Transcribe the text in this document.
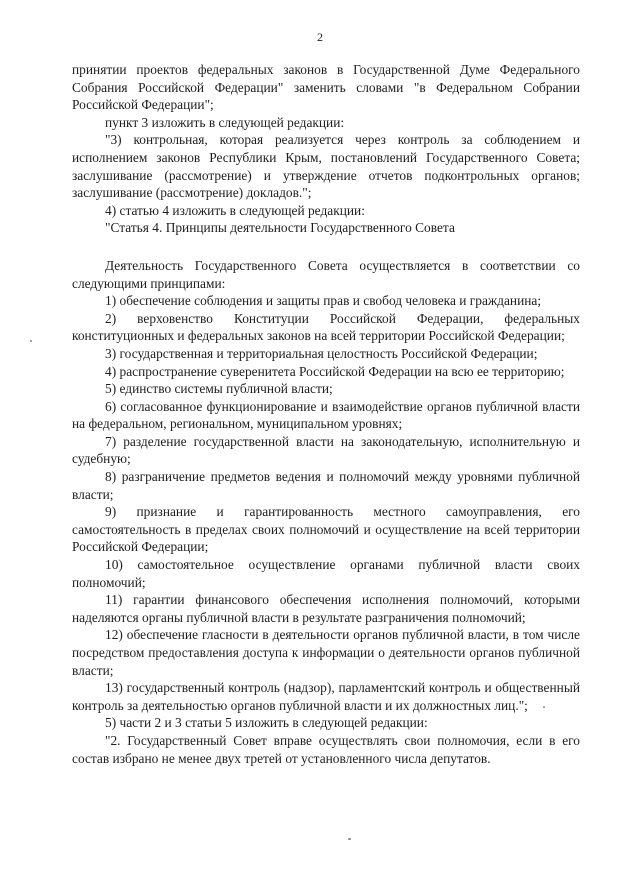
2

принятии проектов федеральных законов в Государственной Думе Федерального Собрания Российской Федерации" заменить словами "в Федеральном Собрании Российской Федерации";

пункт 3 изложить в следующей редакции:

"3) контрольная, которая реализуется через контроль за соблюдением и исполнением законов Республики Крым, постановлений Государственного Совета; заслушивание (рассмотрение) и утверждение отчетов подконтрольных органов; заслушивание (рассмотрение) докладов.";

4) статью 4 изложить в следующей редакции:

"Статья 4. Принципы деятельности Государственного Совета

Деятельность Государственного Совета осуществляется в соответствии со следующими принципами:

1) обеспечение соблюдения и защиты прав и свобод человека и гражданина;

2) верховенство Конституции Российской Федерации, федеральных конституционных и федеральных законов на всей территории Российской Федерации;

3) государственная и территориальная целостность Российской Федерации;

4) распространение суверенитета Российской Федерации на всю ее территорию;

5) единство системы публичной власти;

6) согласованное функционирование и взаимодействие органов публичной власти на федеральном, региональном, муниципальном уровнях;

7) разделение государственной власти на законодательную, исполнительную и судебную;

8) разграничение предметов ведения и полномочий между уровнями публичной власти;

9) признание и гарантированность местного самоуправления, его самостоятельность в пределах своих полномочий и осуществление на всей территории Российской Федерации;

10) самостоятельное осуществление органами публичной власти своих полномочий;

11) гарантии финансового обеспечения исполнения полномочий, которыми наделяются органы публичной власти в результате разграничения полномочий;

12) обеспечение гласности в деятельности органов публичной власти, в том числе посредством предоставления доступа к информации о деятельности органов публичной власти;

13) государственный контроль (надзор), парламентский контроль и общественный контроль за деятельностью органов публичной власти и их должностных лиц.";

5) части 2 и 3 статьи 5 изложить в следующей редакции:

"2. Государственный Совет вправе осуществлять свои полномочия, если в его состав избрано не менее двух третей от установленного числа депутатов.
